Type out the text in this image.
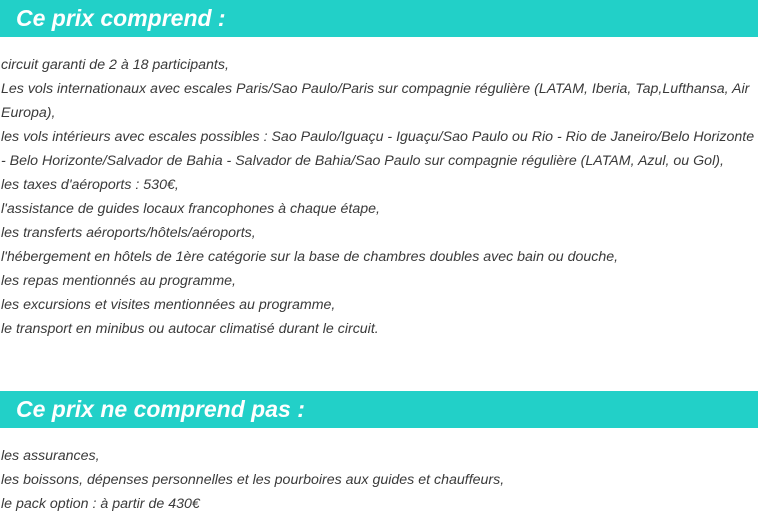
Ce prix comprend :
circuit garanti de 2 à 18 participants,
Les vols internationaux avec escales Paris/Sao Paulo/Paris sur compagnie régulière (LATAM, Iberia, Tap,Lufthansa, Air Europa),
les vols intérieurs avec escales possibles : Sao Paulo/Iguaçu - Iguaçu/Sao Paulo ou Rio - Rio de Janeiro/Belo Horizonte - Belo Horizonte/Salvador de Bahia - Salvador de Bahia/Sao Paulo sur compagnie régulière (LATAM, Azul, ou Gol),
les taxes d'aéroports : 530€,
l'assistance de guides locaux francophones à chaque étape,
les transferts aéroports/hôtels/aéroports,
l'hébergement en hôtels de 1ère catégorie sur la base de chambres doubles avec bain ou douche,
les repas mentionnés au programme,
les excursions et visites mentionnées au programme,
le transport en minibus ou autocar climatisé durant le circuit.
Ce prix ne comprend pas :
les assurances,
les boissons, dépenses personnelles et les pourboires aux guides et chauffeurs,
le pack option : à partir de 430€
